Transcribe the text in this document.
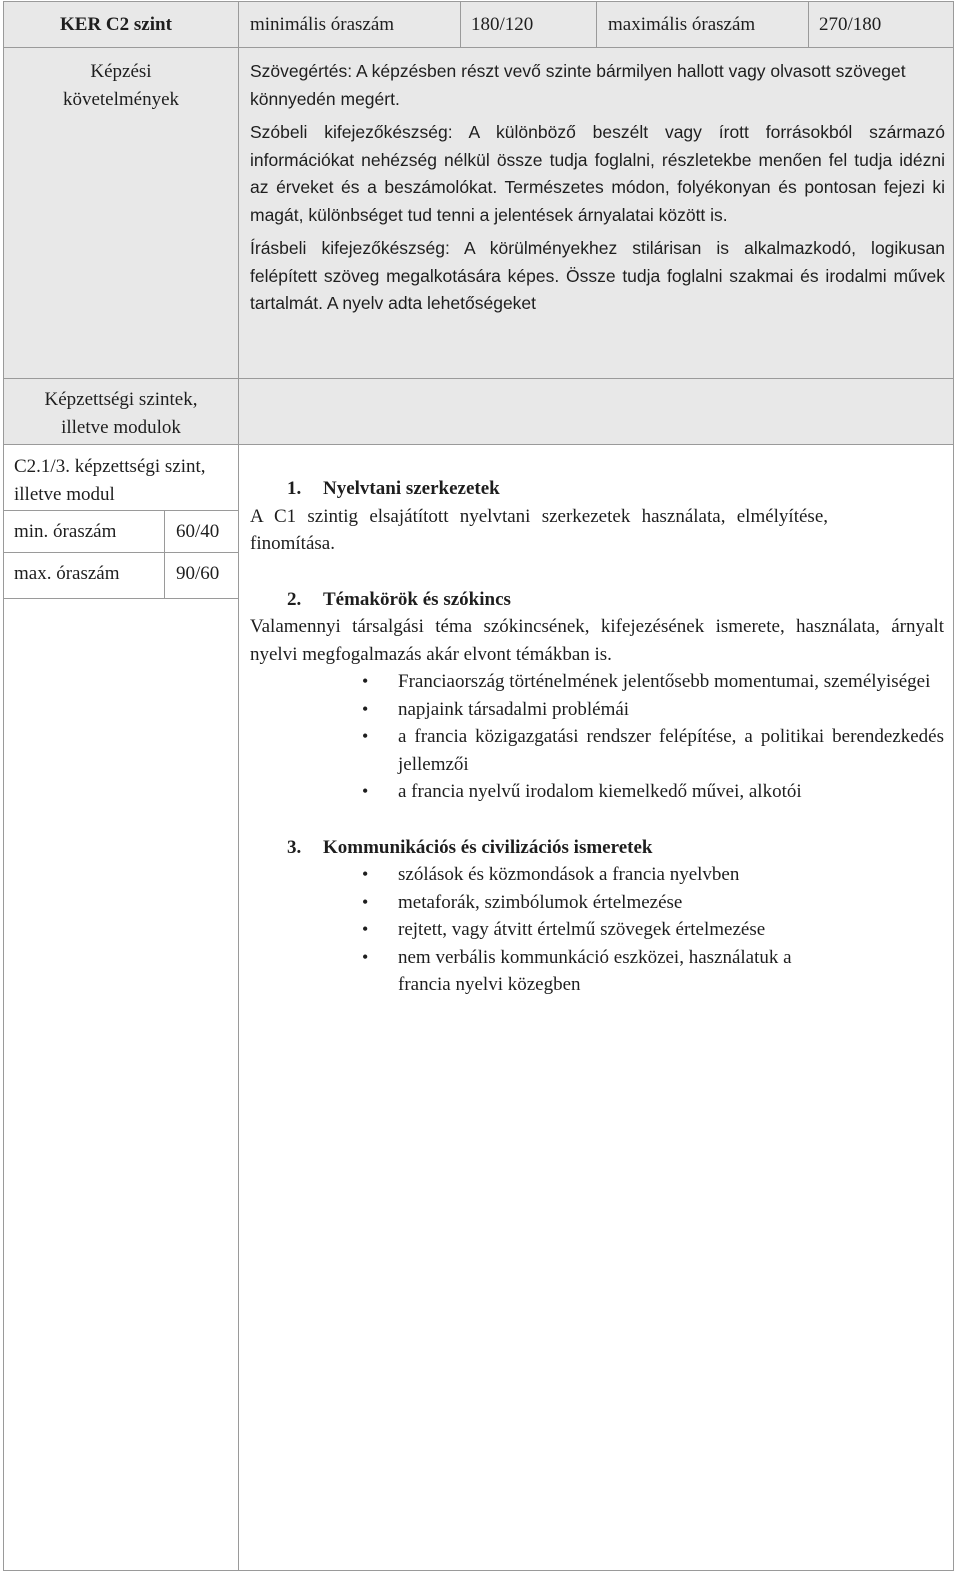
KER C2 szint	minimális óraszám	180/120	maximális óraszám	270/180
Képzési követelmények

Szövegértés: A képzésben részt vevő szinte bármilyen hallott vagy olvasott szöveget könnyedén megért.

Szóbeli kifejezőkészség: A különböző beszélt vagy írott forrásokból származó információkat nehézség nélkül össze tudja foglalni, részletekbe menően fel tudja idézni az érveket és a beszámolókat. Természetes módon, folyékonyan és pontosan fejezi ki magát, különbséget tud tenni a jelentések árnyalatai között is.

Írásbeli kifejezőkészség: A körülményekhez stilárisan is alkalmazkodó, logikusan felépített szöveg megalkotására képes. Össze tudja foglalni szakmai és irodalmi művek tartalmát. A nyelv adta lehetőségeket

Képzettségi szintek, illetve modulok
C2.1/3. képzettségi szint, illetve modul
min. óraszám	60/40
max. óraszám	90/60
1. Nyelvtani szerkezetek

A C1 szintig elsajátított nyelvtani szerkezetek használata, elmélyítése, finomítása.

2. Témakörök és szókincs

Valamennyi társalgási téma szókincsének, kifejezésének ismerete, használata, árnyalt nyelvi megfogalmazás akár elvont témákban is.

• Franciaország történelmének jelentősebb momentumai, személyiségei
• napjaink társadalmi problémái
• a francia közigazgatási rendszer felépítése, a politikai berendezkedés jellemzői
• a francia nyelvű irodalom kiemelkedő művei, alkotói
3. Kommunikációs és civilizációs ismeretek
• szólások és közmondások a francia nyelvben
• metaforák, szimbólumok értelmezése
• rejtett, vagy átvitt értelmű szövegek értelmezése
• nem verbális kommunkáció eszközei, használatuk a francia nyelvi közegben
